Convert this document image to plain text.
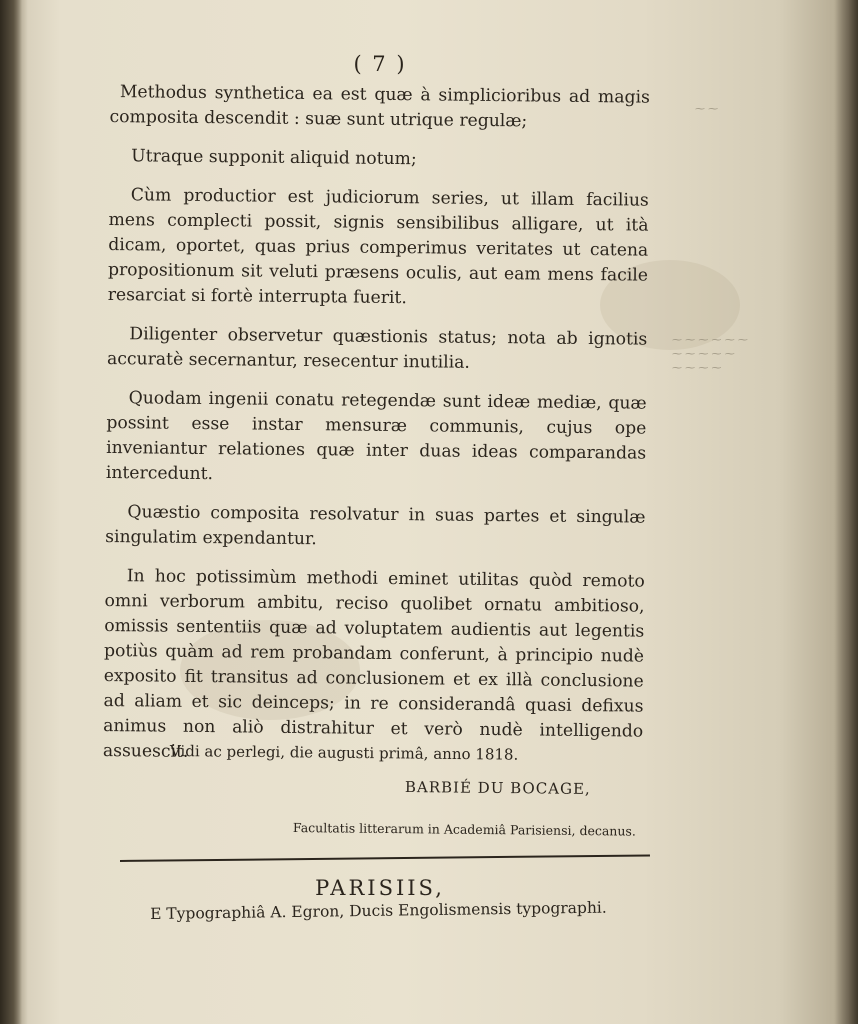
( 7 )

Methodus synthetica ea est quæ à simplicioribus ad magis composita descendit : suæ sunt utrique regulæ;

Utraque supponit aliquid notum;

Cùm productior est judiciorum series, ut illam facilius mens complecti possit, signis sensibilibus alligare, ut ità dicam, oportet, quas prius comperimus veritates ut catena propositionum sit veluti præsens oculis, aut eam mens facile resarciat si fortè interrupta fuerit.

Diligenter observetur quæstionis status; nota ab ignotis accuratè secernantur, resecentur inutilia.

Quodam ingenii conatu retegendæ sunt ideæ mediæ, quæ possint esse instar mensuræ communis, cujus ope inveniantur relationes quæ inter duas ideas comparandas intercedunt.

Quæstio composita resolvatur in suas partes et singulæ singulatim expendantur.

In hoc potissimùm methodi eminet utilitas quòd remoto omni verborum ambitu, reciso quolibet ornatu ambitioso, omissis sententiis quæ ad voluptatem audientis aut legentis potiùs quàm ad rem probandam conferunt, à principio nudè exposito fit transitus ad conclusionem et ex illà conclusione ad aliam et sic deinceps; in re considerandâ quasi defixus animus non aliò distrahitur et verò nudè intelligendo assuescit.

Vidi ac perlegi, die augusti primâ, anno 1818.
BARBIÉ DU BOCAGE,
Facultatis litterarum in Academiâ Parisiensi, decanus.
PARISIIS,
E Typographiâ A. Egron, Ducis Engolismensis typographi.
⁓ ⁓
⁓ ⁓ ⁓ ⁓ ⁓ ⁓
⁓ ⁓ ⁓ ⁓ ⁓
⁓ ⁓ ⁓ ⁓
